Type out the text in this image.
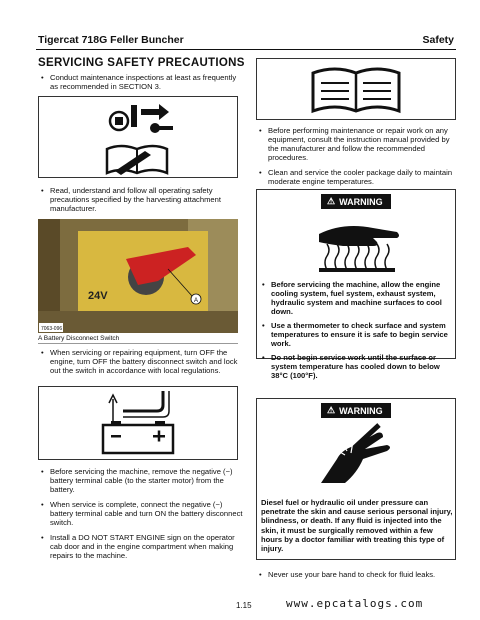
Tigercat 718G Feller Buncher	Safety
SERVICING SAFETY PRECAUTIONS
• Conduct maintenance inspections at least as frequently as recommended in SECTION 3.
• Read, understand and follow all operating safety precautions specified by the harvesting attachment manufacturer.
A
24V
7063-096
A Battery Disconnect Switch
• When servicing or repairing equipment, turn OFF the engine, turn OFF the battery disconnect switch and lock out the switch in accordance with local regulations.
• Before servicing the machine, remove the negative (−) battery terminal cable (to the starter motor) from the battery.
• When service is complete, connect the negative (−) battery terminal cable and turn ON the battery disconnect switch.
• Install a DO NOT START ENGINE sign on the operator cab door and in the engine compartment when making repairs to the machine.
• Before performing maintenance or repair work on any equipment, consult the instruction manual provided by the manufacturer and follow the recommended procedures.
• Clean and service the cooler package daily to maintain moderate engine temperatures.
⚠ WARNING
• Before servicing the machine, allow the engine cooling system, fuel system, exhaust system, hydraulic system and machine surfaces to cool down.
• Use a thermometer to check surface and system temperatures to ensure it is safe to begin service work.
• Do not begin service work until the surface or system temperature has cooled down to below 38°C (100°F).
⚠ WARNING
Diesel fuel or hydraulic oil under pressure can penetrate the skin and cause serious personal injury, blindness, or death. If any fluid is injected into the skin, it must be surgically removed within a few hours by a doctor familiar with treating this type of injury.
• Never use your bare hand to check for fluid leaks.
1.15	www.epcatalogs.com
